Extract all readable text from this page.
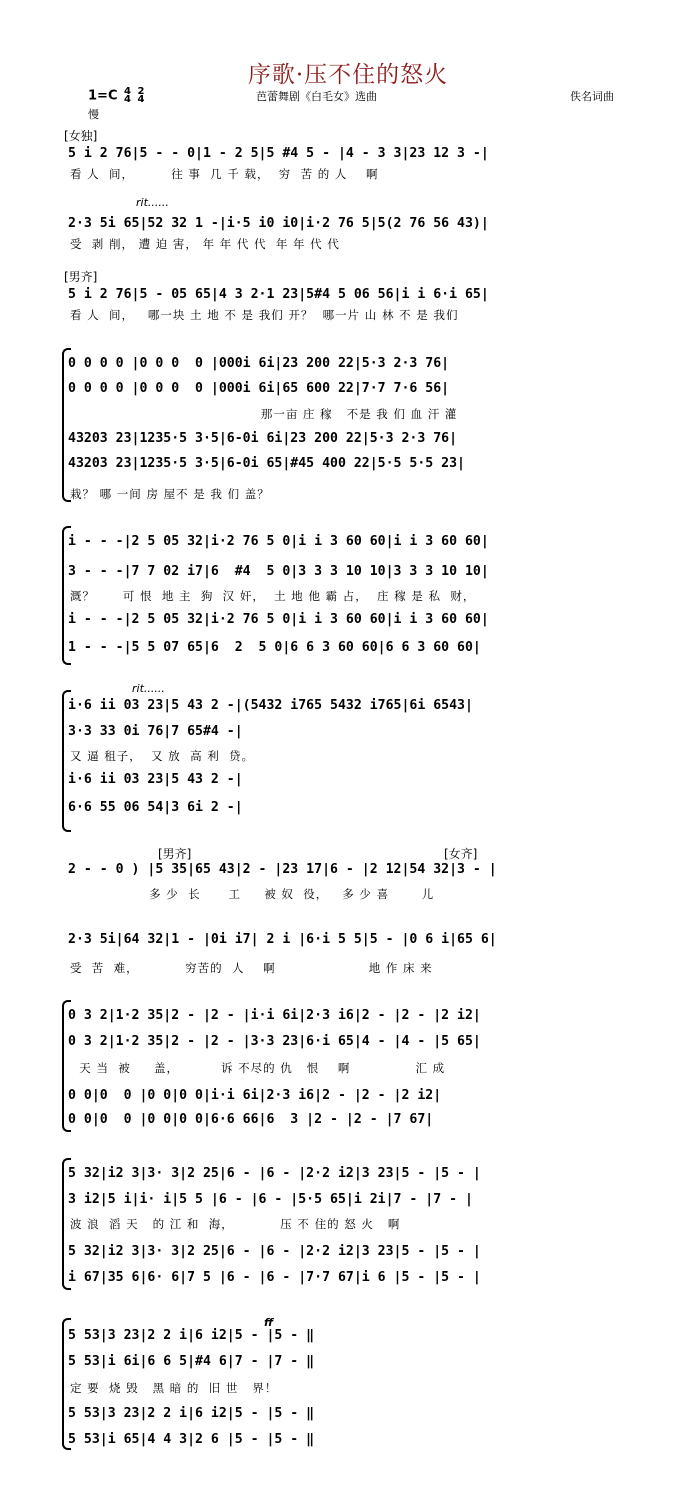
序歌·压不住的怒火
1=C 4
4 2
4	芭蕾舞剧《白毛女》选曲	佚名词曲
慢
[女独]
[男齐]
[男齐]	[女齐]
rit......
rit......
ff
5 i 2 76|5 - - 0|1 - 2 5|5 #4 5 - |4 - 3 3|23 12 3 -|
看 人  间，        往 事  几 千 载，  穷  苦 的 人    啊
2·3 5i 65|52 32 1 -|i·5 i0 i0|i·2 76 5|5(2 76 56 43)|
受  剥 削， 遭 迫 害， 年 年 代 代  年 年 代 代
5 i 2 76|5 - 05 65|4 3 2·1 23|5#4 5 06 56|i i 6·i 65|
看 人  间，   哪一块 土 地 不 是 我们 开？  哪一片 山 林 不 是 我们
0 0 0 0 |0 0 0  0 |000i 6i|23 200 22|5·3 2·3 76|
0 0 0 0 |0 0 0  0 |000i 6i|65 600 22|7·7 7·6 56|
那一亩 庄 稼   不是 我 们 血 汗 灌
43203 23|1235·5 3·5|6-0i 6i|23 200 22|5·3 2·3 76|
43203 23|1235·5 3·5|6-0i 65|#45 400 22|5·5 5·5 23|
栽？ 哪 一间 房 屋不 是 我 们 盖？
i - - -|2 5 05 32|i·2 76 5 0|i i 3 60 60|i i 3 60 60|
3 - - -|7 7 02 i7|6  #4  5 0|3 3 3 10 10|3 3 3 10 10|
溉？      可 恨  地 主  狗  汉 奸，  土 地 他 霸 占，  庄 稼 是 私  财，
i - - -|2 5 05 32|i·2 76 5 0|i i 3 60 60|i i 3 60 60|
1 - - -|5 5 07 65|6  2  5 0|6 6 3 60 60|6 6 3 60 60|
i·6 ii 03 23|5 43 2 -|(5432 i765 5432 i765|6i 6543|
3·3 33 0i 76|7 65#4 -|
又 逼 租子，  又 放  高 利  贷。
i·6 ii 03 23|5 43 2 -|
6·6 55 06 54|3 6i 2 -|
2 - - 0 ) |5 35|65 43|2 - |23 17|6 - |2 12|54 32|3 - |
多 少  长      工     被 奴  役，   多 少 喜       儿
2·3 5i|64 32|1 - |0i i7| 2 i |6·i 5 5|5 - |0 6 i|65 6|
受  苦  难，          穷苦的  人    啊                    地 作 床 来
0 3 2|1·2 35|2 - |2 - |i·i 6i|2·3 i6|2 - |2 - |2 i2|
0 3 2|1·2 35|2 - |2 - |3·3 23|6·i 65|4 - |4 - |5 65|
天 当  被     盖，         诉 不尽的 仇   恨    啊              汇 成
0 0|0  0 |0 0|0 0|i·i 6i|2·3 i6|2 - |2 - |2 i2|
0 0|0  0 |0 0|0 0|6·6 66|6  3 |2 - |2 - |7 67|
5 32|i2 3|3· 3|2 25|6 - |6 - |2·2 i2|3 23|5 - |5 - |
3 i2|5 i|i· i|5 5 |6 - |6 - |5·5 65|i 2i|7 - |7 - |
波 浪  滔 天   的 江 和  海，          压 不 住的 怒 火   啊
5 32|i2 3|3· 3|2 25|6 - |6 - |2·2 i2|3 23|5 - |5 - |
i 67|35 6|6· 6|7 5 |6 - |6 - |7·7 67|i 6 |5 - |5 - |
5 53|3 23|2 2 i|6 i2|5 - |5 - ‖
5 53|i 6i|6 6 5|#4 6|7 - |7 - ‖
定 要  烧 毁   黑 暗 的  旧 世   界！
5 53|3 23|2 2 i|6 i2|5 - |5 - ‖
5 53|i 65|4 4 3|2 6 |5 - |5 - ‖
